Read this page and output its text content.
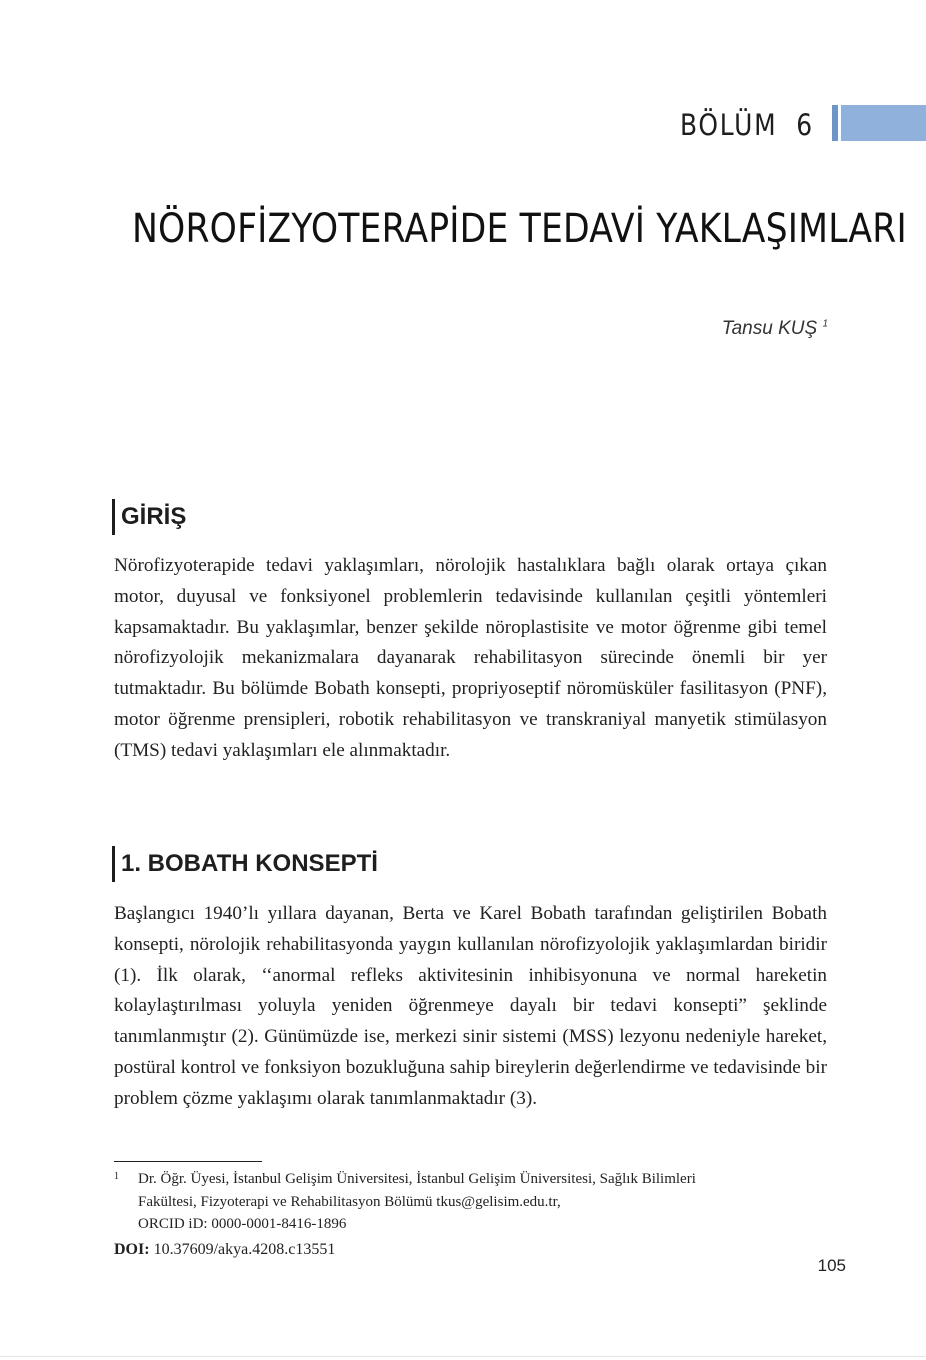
BÖLÜM 6
NÖROFİZYOTERAPİDE TEDAVİ YAKLAŞIMLARI
Tansu KUŞ $^1$
GİRİŞ

Nörofizyoterapide tedavi yaklaşımları, nörolojik hastalıklara bağlı olarak ortaya çıkan motor, duyusal ve fonksiyonel problemlerin tedavisinde kullanılan çeşitli yöntemleri kapsamaktadır. Bu yaklaşımlar, benzer şekilde nöroplastisite ve motor öğrenme gibi temel nörofizyolojik mekanizmalara dayanarak rehabilitasyon sürecinde önemli bir yer tutmaktadır. Bu bölümde Bobath konsepti, propriyoseptif nöromüsküler fasilitasyon (PNF), motor öğrenme prensipleri, robotik rehabilitasyon ve transkraniyal manyetik stimülasyon (TMS) tedavi yaklaşımları ele alınmaktadır.

1. BOBATH KONSEPTİ

Başlangıcı 1940’lı yıllara dayanan, Berta ve Karel Bobath tarafından geliştirilen Bobath konsepti, nörolojik rehabilitasyonda yaygın kullanılan nörofizyolojik yaklaşımlardan biridir (1). İlk olarak, ‘‘anormal refleks aktivitesinin inhibisyonuna ve normal hareketin kolaylaştırılması yoluyla yeniden öğrenmeye dayalı bir tedavi konsepti” şeklinde tanımlanmıştır (2). Günümüzde ise, merkezi sinir sistemi (MSS) lezyonu nedeniyle hareket, postüral kontrol ve fonksiyon bozukluğuna sahip bireylerin değerlendirme ve tedavisinde bir problem çözme yaklaşımı olarak tanımlanmaktadır (3).

1 Dr. Öğr. Üyesi, İstanbul Gelişim Üniversitesi, İstanbul Gelişim Üniversitesi, Sağlık Bilimleri
Fakültesi, Fizyoterapi ve Rehabilitasyon Bölümü tkus@gelisim.edu.tr,
ORCID iD: 0000-0001-8416-1896
DOI: 10.37609/akya.4208.c13551
105
